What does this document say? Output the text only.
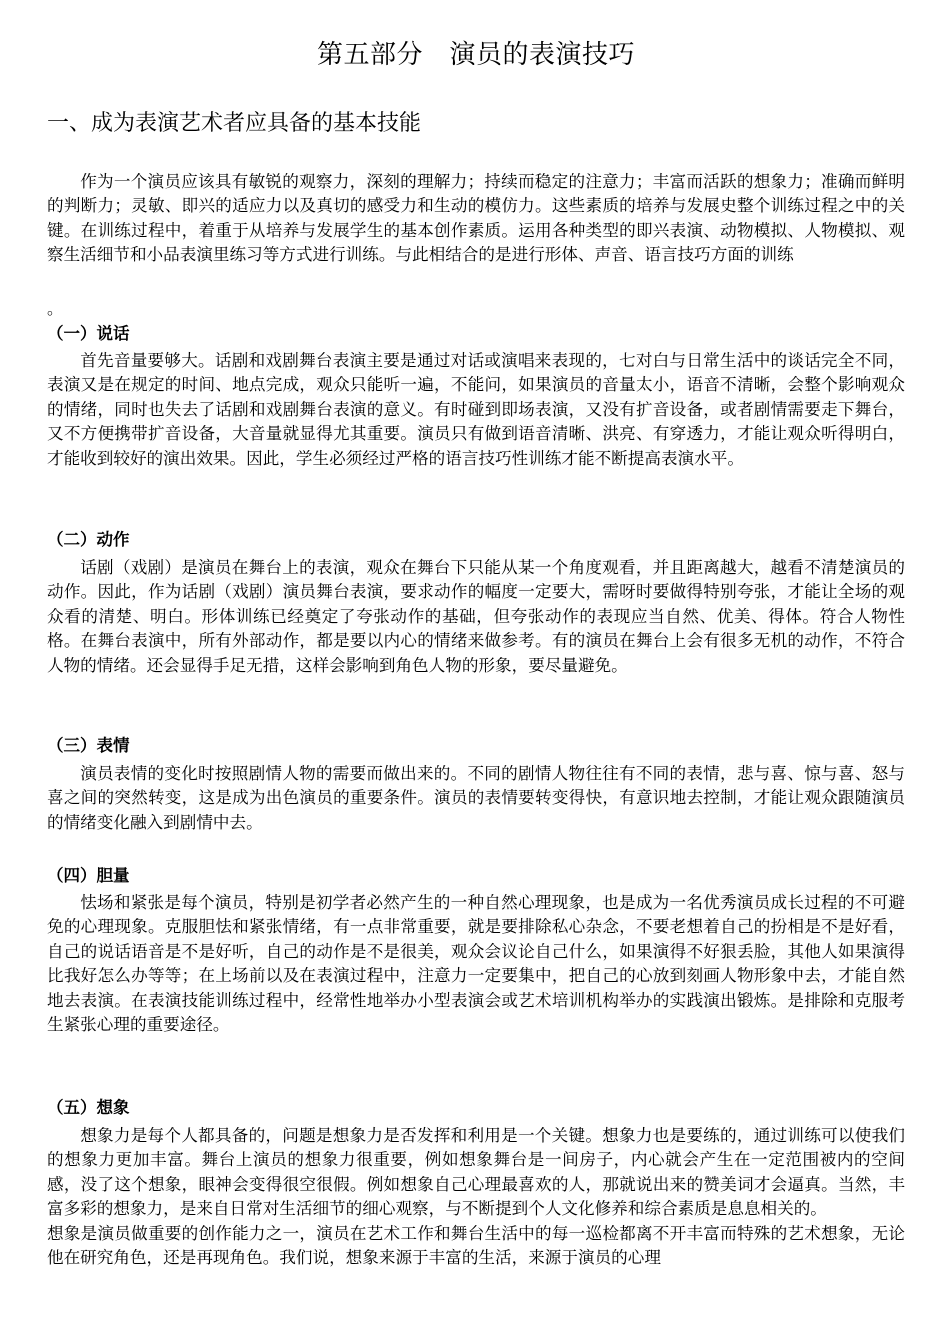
第五部分　演员的表演技巧
一、成为表演艺术者应具备的基本技能

作为一个演员应该具有敏锐的观察力，深刻的理解力；持续而稳定的注意力；丰富而活跃的想象力；准确而鲜明的判断力；灵敏、即兴的适应力以及真切的感受力和生动的模仿力。这些素质的培养与发展史整个训练过程之中的关键。在训练过程中，着重于从培养与发展学生的基本创作素质。运用各种类型的即兴表演、动物模拟、人物模拟、观察生活细节和小品表演里练习等方式进行训练。与此相结合的是进行形体、声音、语言技巧方面的训练

。
（一）说话

首先音量要够大。话剧和戏剧舞台表演主要是通过对话或演唱来表现的，七对白与日常生活中的谈话完全不同，表演又是在规定的时间、地点完成，观众只能听一遍，不能问，如果演员的音量太小，语音不清晰，会整个影响观众的情绪，同时也失去了话剧和戏剧舞台表演的意义。有时碰到即场表演，又没有扩音设备，或者剧情需要走下舞台，又不方便携带扩音设备，大音量就显得尤其重要。演员只有做到语音清晰、洪亮、有穿透力，才能让观众听得明白，才能收到较好的演出效果。因此，学生必须经过严格的语言技巧性训练才能不断提高表演水平。

（二）动作

话剧（戏剧）是演员在舞台上的表演，观众在舞台下只能从某一个角度观看，并且距离越大，越看不清楚演员的动作。因此，作为话剧（戏剧）演员舞台表演，要求动作的幅度一定要大，需呀时要做得特别夸张，才能让全场的观众看的清楚、明白。形体训练已经奠定了夸张动作的基础，但夸张动作的表现应当自然、优美、得体。符合人物性格。在舞台表演中，所有外部动作，都是要以内心的情绪来做参考。有的演员在舞台上会有很多无机的动作，不符合人物的情绪。还会显得手足无措，这样会影响到角色人物的形象，要尽量避免。

（三）表情

演员表情的变化时按照剧情人物的需要而做出来的。不同的剧情人物往往有不同的表情，悲与喜、惊与喜、怒与喜之间的突然转变，这是成为出色演员的重要条件。演员的表情要转变得快，有意识地去控制，才能让观众跟随演员的情绪变化融入到剧情中去。

（四）胆量

怯场和紧张是每个演员，特别是初学者必然产生的一种自然心理现象，也是成为一名优秀演员成长过程的不可避免的心理现象。克服胆怯和紧张情绪，有一点非常重要，就是要排除私心杂念，不要老想着自己的扮相是不是好看，自己的说话语音是不是好听，自己的动作是不是很美，观众会议论自己什么，如果演得不好狠丢脸，其他人如果演得比我好怎么办等等；在上场前以及在表演过程中，注意力一定要集中，把自己的心放到刻画人物形象中去，才能自然地去表演。在表演技能训练过程中，经常性地举办小型表演会或艺术培训机构举办的实践演出锻炼。是排除和克服考生紧张心理的重要途径。

（五）想象

想象力是每个人都具备的，问题是想象力是否发挥和利用是一个关键。想象力也是要练的，通过训练可以使我们的想象力更加丰富。舞台上演员的想象力很重要，例如想象舞台是一间房子，内心就会产生在一定范围被内的空间感，没了这个想象，眼神会变得很空很假。例如想象自己心理最喜欢的人，那就说出来的赞美词才会逼真。当然，丰富多彩的想象力，是来自日常对生活细节的细心观察，与不断提到个人文化修养和综合素质是息息相关的。

想象是演员做重要的创作能力之一，演员在艺术工作和舞台生活中的每一巡检都离不开丰富而特殊的艺术想象，无论他在研究角色，还是再现角色。我们说，想象来源于丰富的生活，来源于演员的心理
